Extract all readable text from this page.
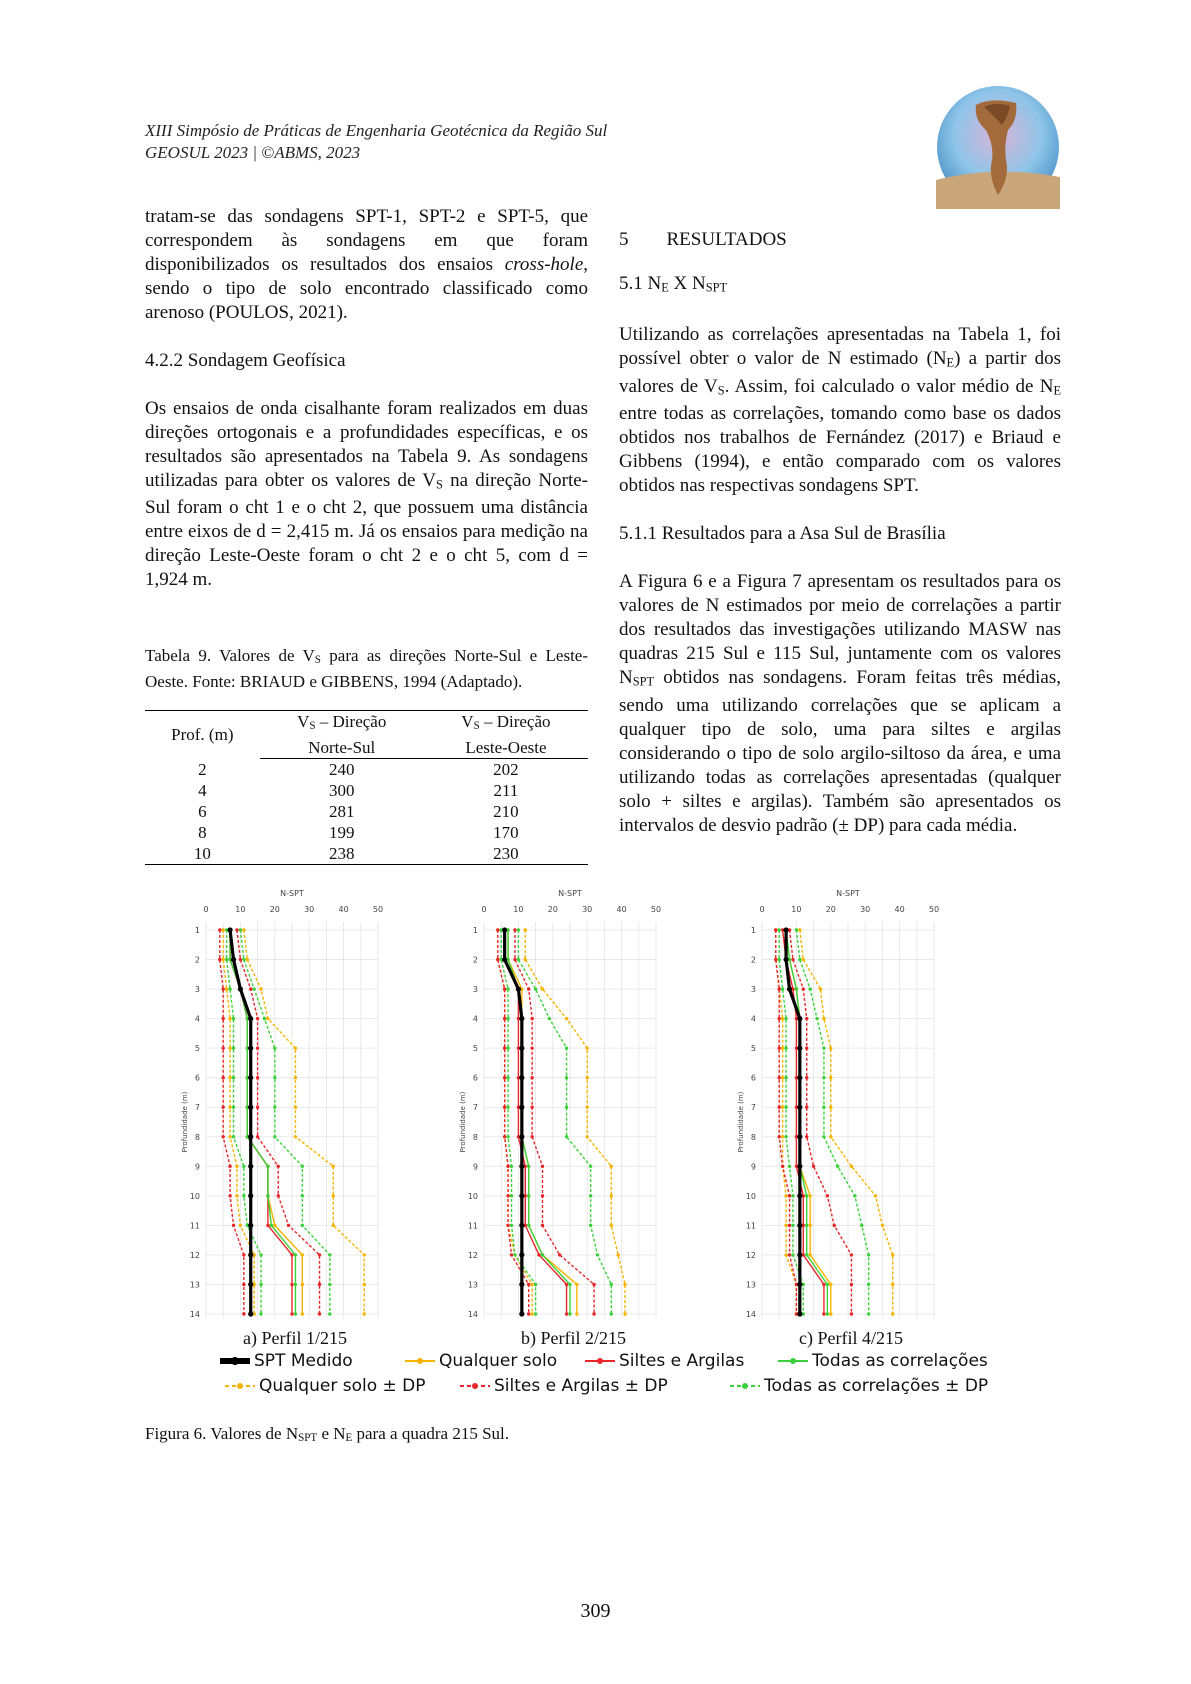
XIII Simpósio de Práticas de Engenharia Geotécnica da Região Sul
GEOSUL 2023 | ©ABMS, 2023

tratam-se das sondagens SPT-1, SPT-2 e SPT-5, que correspondem às sondagens em que foram disponibilizados os resultados dos ensaios cross-hole, sendo o tipo de solo encontrado classificado como arenoso (POULOS, 2021).

4.2.2 Sondagem Geofísica

Os ensaios de onda cisalhante foram realizados em duas direções ortogonais e a profundidades específicas, e os resultados são apresentados na Tabela 9. As sondagens utilizadas para obter os valores de $V_S$ na direção Norte-Sul foram o cht 1 e o cht 2, que possuem uma distância entre eixos de d = 2,415 m. Já os ensaios para medição na direção Leste-Oeste foram o cht 2 e o cht 5, com d = 1,924 m.

Tabela 9. Valores de $V_S$ para as direções Norte-Sul e Leste-Oeste. Fonte: BRIAUD e GIBBENS, 1994 (Adaptado).
Prof. (m)	$V_S$ – Direção	$V_S$ – Direção
	Norte-Sul	Leste-Oeste
2	240	202
4	300	211
6	281	210
8	199	170
10	238	230

5 RESULTADOS

5.1 $N_E$ X $N_{SPT}$

Utilizando as correlações apresentadas na Tabela 1, foi possível obter o valor de N estimado $(N_E)$ a partir dos valores de $V_S$. Assim, foi calculado o valor médio de $N_E$ entre todas as correlações, tomando como base os dados obtidos nos trabalhos de Fernández (2017) e Briaud e Gibbens (1994), e então comparado com os valores obtidos nas respectivas sondagens SPT.

5.1.1 Resultados para a Asa Sul de Brasília

A Figura 6 e a Figura 7 apresentam os resultados para os valores de N estimados por meio de correlações a partir dos resultados das investigações utilizando MASW nas quadras 215 Sul e 115 Sul, juntamente com os valores $N_{SPT}$ obtidos nas sondagens. Foram feitas três médias, sendo uma utilizando correlações que se aplicam a qualquer tipo de solo, uma para siltes e argilas considerando o tipo de solo argilo-siltoso da área, e uma utilizando todas as correlações apresentadas (qualquer solo + siltes e argilas). Também são apresentados os intervalos de desvio padrão (± DP) para cada média.

N-SPT
0	10	20	30	40	50
1
2
3
4
5
6
7
8
9
10
11
12
13
14
Profundidade (m)
N-SPT
0	10	20	30	40	50
1
2
3
4
5
6
7
8
9
10
11
12
13
14
Profundidade (m)
N-SPT
0	10	20	30	40	50
1
2
3
4
5
6
7
8
9
10
11
12
13
14
Profundidade (m)
a) Perfil 1/215	b) Perfil 2/215	c) Perfil 4/215
SPT Medido	Qualquer solo	Siltes e Argilas	Todas as correlações
Qualquer solo ± DP	Siltes e Argilas ± DP	Todas as correlações ± DP
Figura 6. Valores de $N_{SPT}$ e $N_E$ para a quadra 215 Sul.
309
